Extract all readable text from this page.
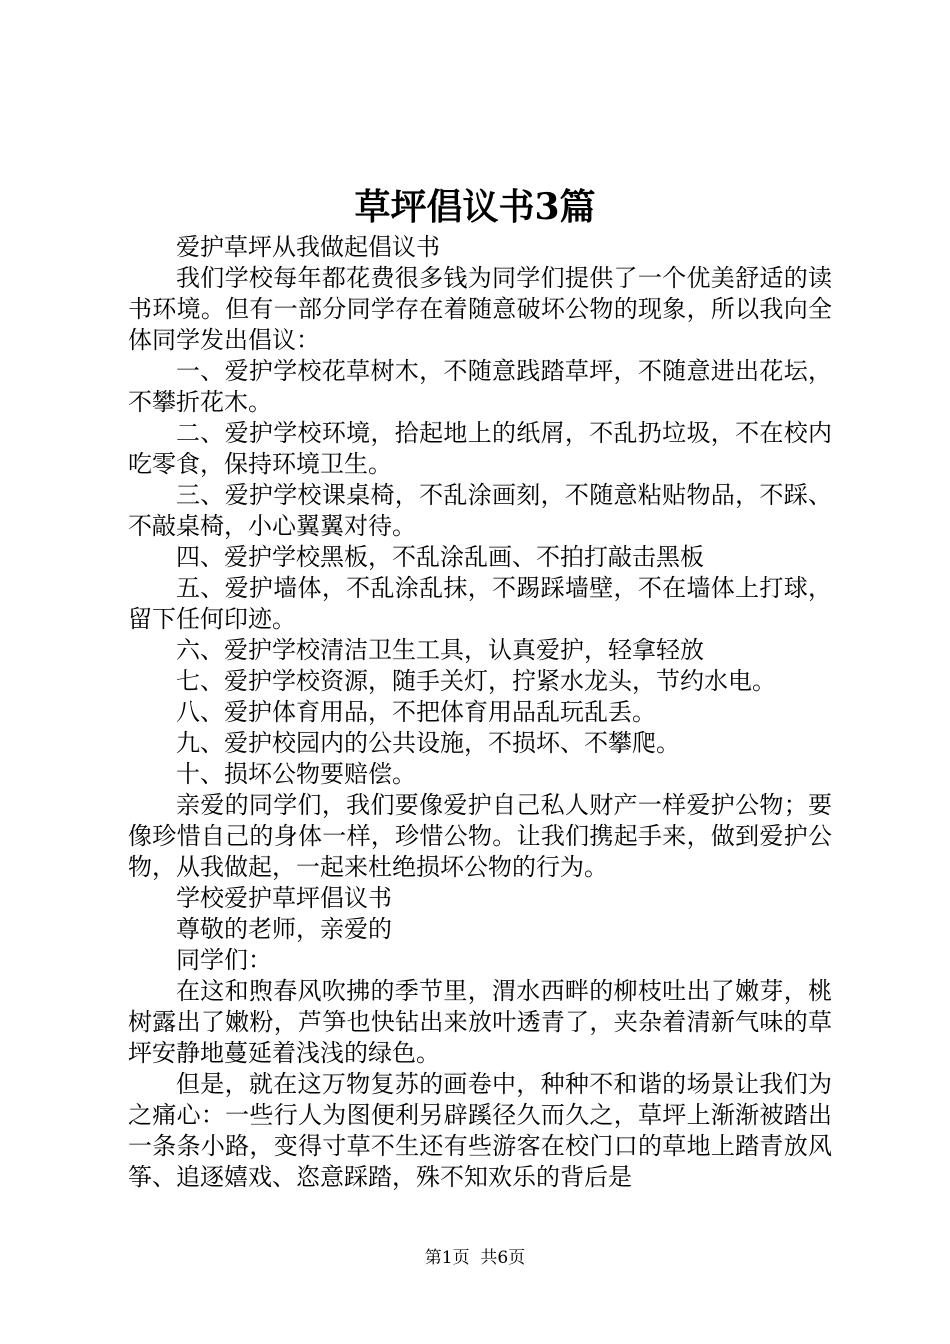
草坪倡议书3篇

爱护草坪从我做起倡议书

我们学校每年都花费很多钱为同学们提供了一个优美舒适的读书环境。但有一部分同学存在着随意破坏公物的现象，所以我向全体同学发出倡议：

一、爱护学校花草树木，不随意践踏草坪，不随意进出花坛，不攀折花木。

二、爱护学校环境，拾起地上的纸屑，不乱扔垃圾，不在校内吃零食，保持环境卫生。

三、爱护学校课桌椅，不乱涂画刻，不随意粘贴物品，不踩、不敲桌椅，小心翼翼对待。

四、爱护学校黑板，不乱涂乱画、不拍打敲击黑板

五、爱护墙体，不乱涂乱抹，不踢踩墙壁，不在墙体上打球，留下任何印迹。

六、爱护学校清洁卫生工具，认真爱护，轻拿轻放

七、爱护学校资源，随手关灯，拧紧水龙头，节约水电。

八、爱护体育用品，不把体育用品乱玩乱丢。

九、爱护校园内的公共设施，不损坏、不攀爬。

十、损坏公物要赔偿。

亲爱的同学们，我们要像爱护自己私人财产一样爱护公物；要像珍惜自己的身体一样，珍惜公物。让我们携起手来，做到爱护公物，从我做起，一起来杜绝损坏公物的行为。

学校爱护草坪倡议书

尊敬的老师，亲爱的

同学们：

在这和煦春风吹拂的季节里，渭水西畔的柳枝吐出了嫩芽，桃树露出了嫩粉，芦笋也快钻出来放叶透青了，夹杂着清新气味的草坪安静地蔓延着浅浅的绿色。

但是，就在这万物复苏的画卷中，种种不和谐的场景让我们为之痛心：一些行人为图便利另辟蹊径久而久之，草坪上渐渐被踏出一条条小路，变得寸草不生还有些游客在校门口的草地上踏青放风筝、追逐嬉戏、恣意踩踏，殊不知欢乐的背后是

第1页 共6页
